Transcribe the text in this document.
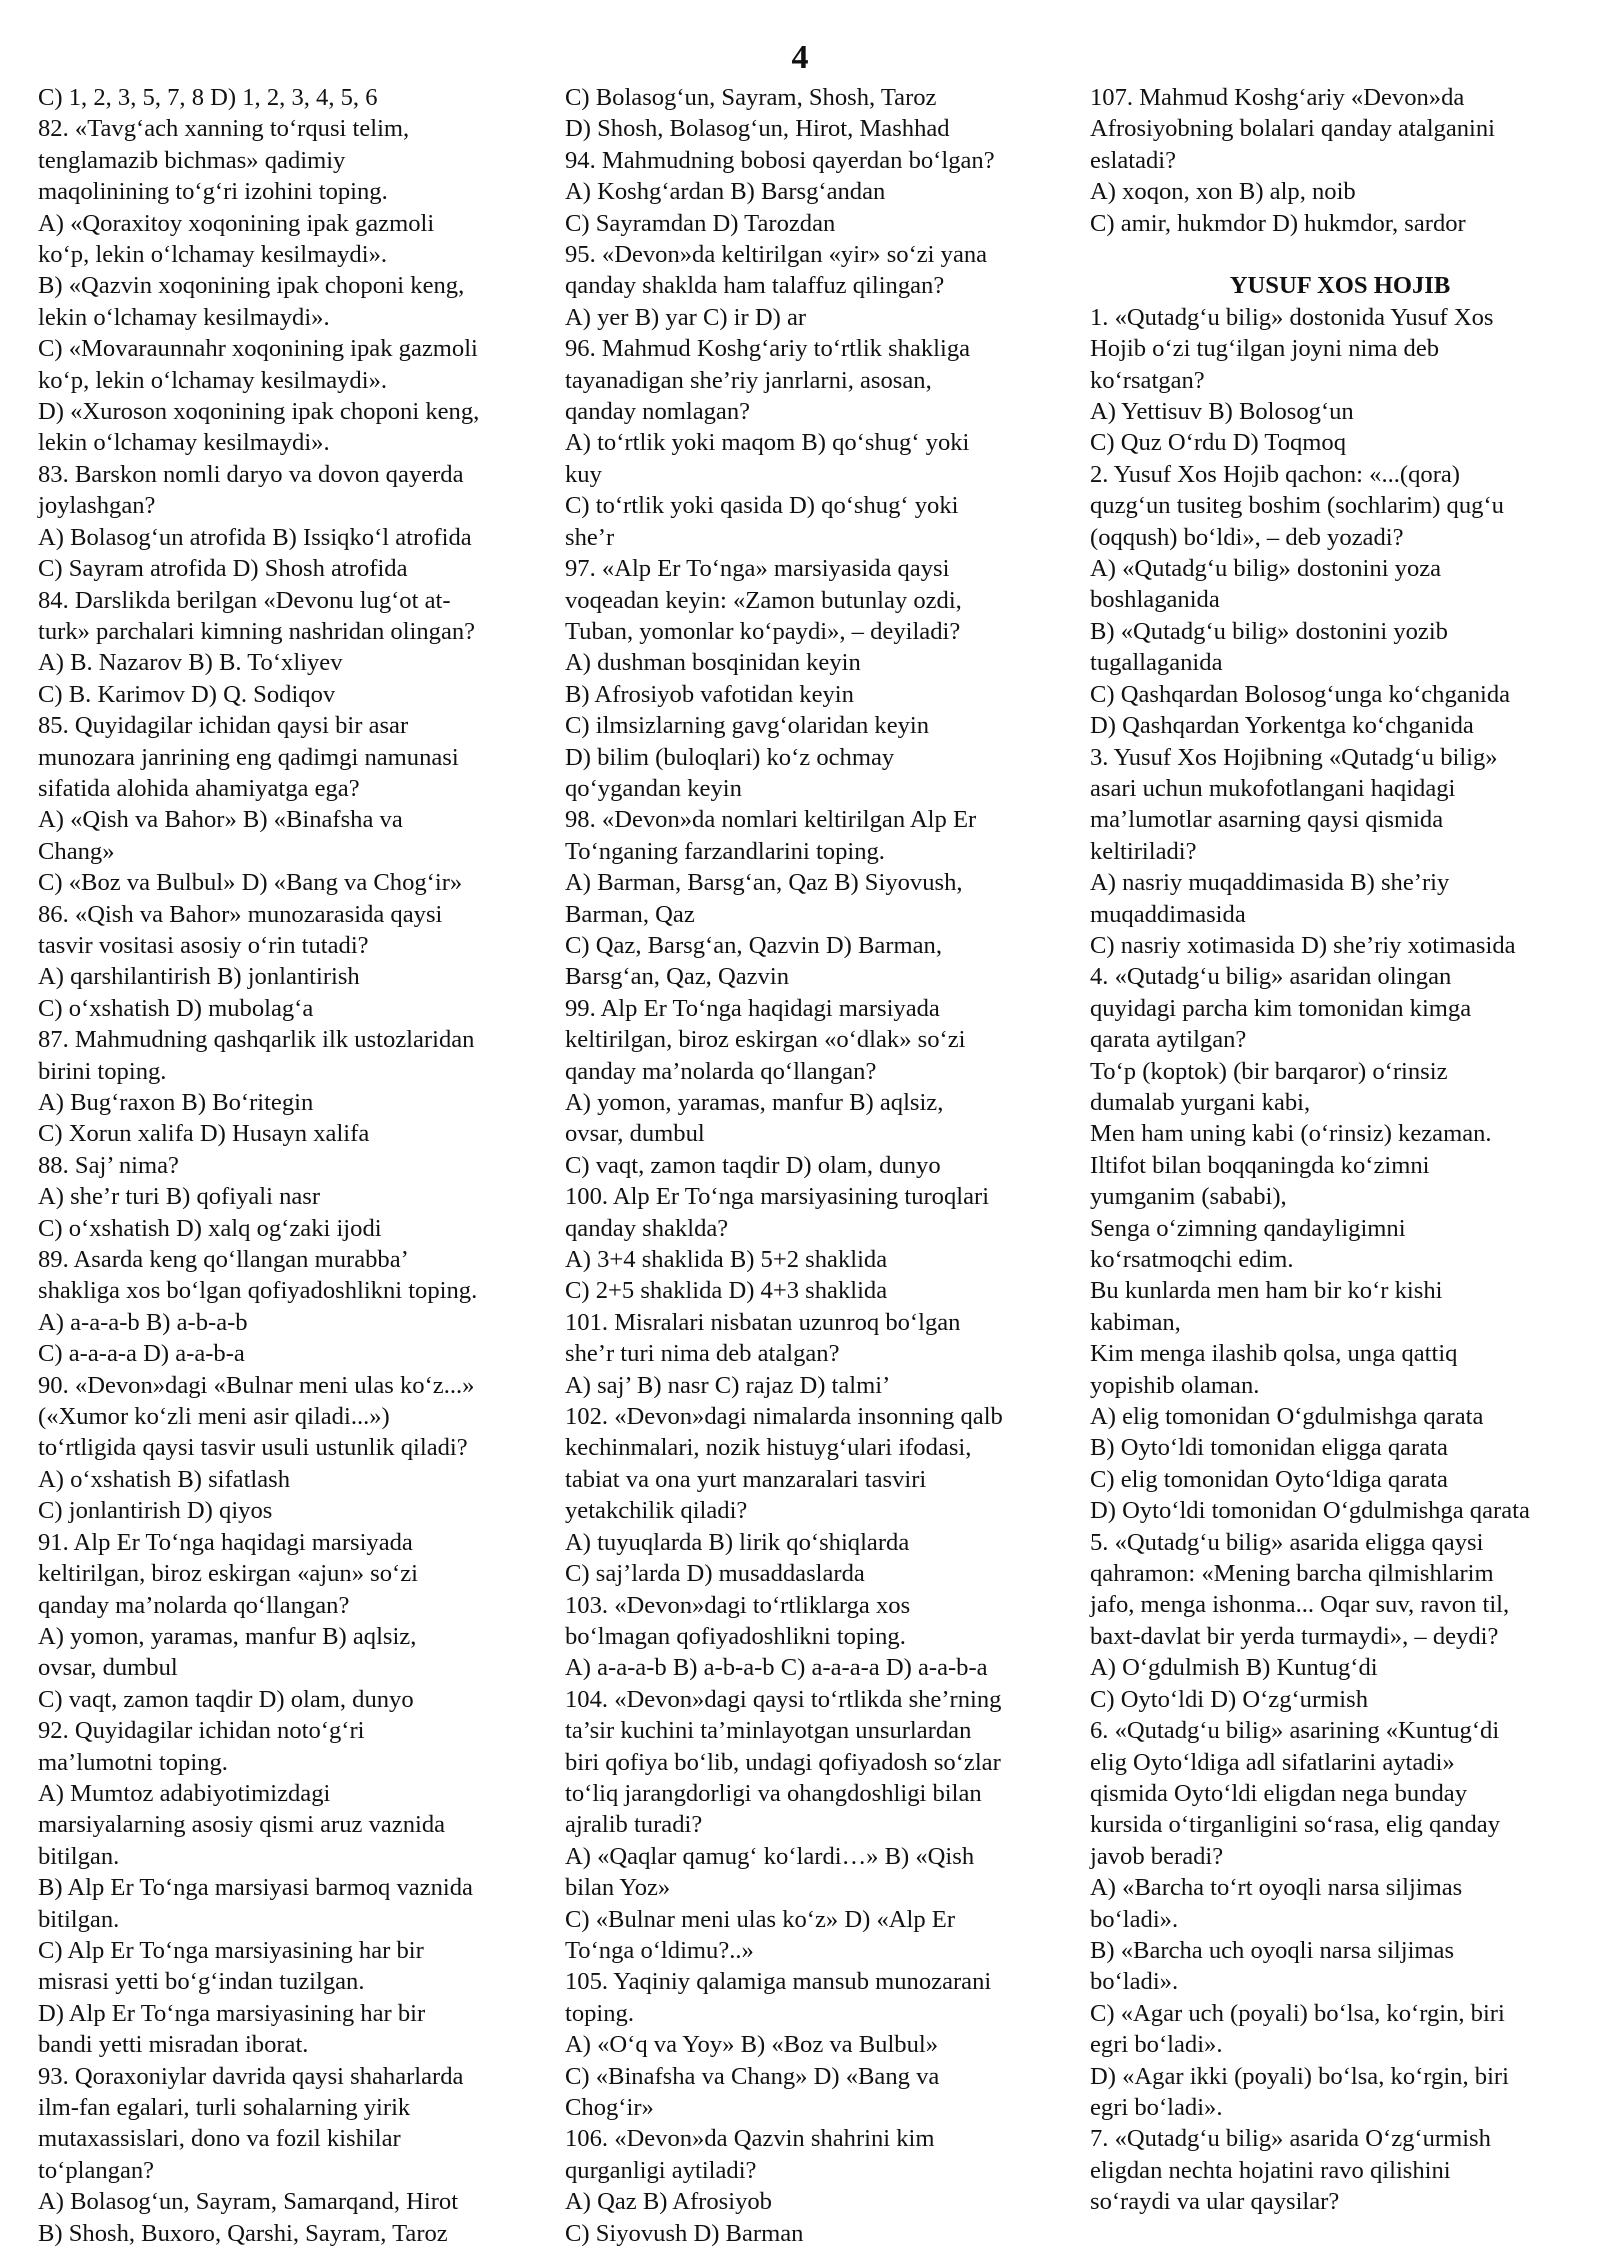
4
C) 1, 2, 3, 5, 7, 8 D) 1, 2, 3, 4, 5, 6
82. «Tavg‘ach xanning to‘rqusi telim,
tenglamazib bichmas» qadimiy
maqolinining to‘g‘ri izohini toping.
A) «Qoraxitoy xoqonining ipak gazmoli
ko‘p, lekin o‘lchamay kesilmaydi».
B) «Qazvin xoqonining ipak choponi keng,
lekin o‘lchamay kesilmaydi».
C) «Movaraunnahr xoqonining ipak gazmoli
ko‘p, lekin o‘lchamay kesilmaydi».
D) «Xuroson xoqonining ipak choponi keng,
lekin o‘lchamay kesilmaydi».
83. Barskon nomli daryo va dovon qayerda
joylashgan?
A) Bolasog‘un atrofida B) Issiqko‘l atrofida
C) Sayram atrofida D) Shosh atrofida
84. Darslikda berilgan «Devonu lug‘ot at-
turk» parchalari kimning nashridan olingan?
A) B. Nazarov B) B. To‘xliyev
C) B. Karimov D) Q. Sodiqov
85. Quyidagilar ichidan qaysi bir asar
munozara janrining eng qadimgi namunasi
sifatida alohida ahamiyatga ega?
A) «Qish va Bahor» B) «Binafsha va
Chang»
C) «Boz va Bulbul» D) «Bang va Chog‘ir»
86. «Qish va Bahor» munozarasida qaysi
tasvir vositasi asosiy o‘rin tutadi?
A) qarshilantirish B) jonlantirish
C) o‘xshatish D) mubolag‘a
87. Mahmudning qashqarlik ilk ustozlaridan
birini toping.
A) Bug‘raxon B) Bo‘ritegin
C) Xorun xalifa D) Husayn xalifa
88. Saj’ nima?
A) she’r turi B) qofiyali nasr
C) o‘xshatish D) xalq og‘zaki ijodi
89. Asarda keng qo‘llangan murabba’
shakliga xos bo‘lgan qofiyadoshlikni toping.
A) a-a-a-b B) a-b-a-b
C) a-a-a-a D) a-a-b-a
90. «Devon»dagi «Bulnar meni ulas ko‘z...»
(«Xumor ko‘zli meni asir qiladi...»)
to‘rtligida qaysi tasvir usuli ustunlik qiladi?
A) o‘xshatish B) sifatlash
C) jonlantirish D) qiyos
91. Alp Er To‘nga haqidagi marsiyada
keltirilgan, biroz eskirgan «ajun» so‘zi
qanday ma’nolarda qo‘llangan?
A) yomon, yaramas, manfur B) aqlsiz,
ovsar, dumbul
C) vaqt, zamon taqdir D) olam, dunyo
92. Quyidagilar ichidan noto‘g‘ri
ma’lumotni toping.
A) Mumtoz adabiyotimizdagi
marsiyalarning asosiy qismi aruz vaznida
bitilgan.
B) Alp Er To‘nga marsiyasi barmoq vaznida
bitilgan.
C) Alp Er To‘nga marsiyasining har bir
misrasi yetti bo‘g‘indan tuzilgan.
D) Alp Er To‘nga marsiyasining har bir
bandi yetti misradan iborat.
93. Qoraxoniylar davrida qaysi shaharlarda
ilm-fan egalari, turli sohalarning yirik
mutaxassislari, dono va fozil kishilar
to‘plangan?
A) Bolasog‘un, Sayram, Samarqand, Hirot
B) Shosh, Buxoro, Qarshi, Sayram, Taroz
C) Bolasog‘un, Sayram, Shosh, Taroz
D) Shosh, Bolasog‘un, Hirot, Mashhad
94. Mahmudning bobosi qayerdan bo‘lgan?
A) Koshg‘ardan B) Barsg‘andan
C) Sayramdan D) Tarozdan
95. «Devon»da keltirilgan «yir» so‘zi yana
qanday shaklda ham talaffuz qilingan?
A) yer B) yar C) ir D) ar
96. Mahmud Koshg‘ariy to‘rtlik shakliga
tayanadigan she’riy janrlarni, asosan,
qanday nomlagan?
A) to‘rtlik yoki maqom B) qo‘shug‘ yoki
kuy
C) to‘rtlik yoki qasida D) qo‘shug‘ yoki
she’r
97. «Alp Er To‘nga» marsiyasida qaysi
voqeadan keyin: «Zamon butunlay ozdi,
Tuban, yomonlar ko‘paydi», – deyiladi?
A) dushman bosqinidan keyin
B) Afrosiyob vafotidan keyin
C) ilmsizlarning gavg‘olaridan keyin
D) bilim (buloqlari) ko‘z ochmay
qo‘ygandan keyin
98. «Devon»da nomlari keltirilgan Alp Er
To‘nganing farzandlarini toping.
A) Barman, Barsg‘an, Qaz B) Siyovush,
Barman, Qaz
C) Qaz, Barsg‘an, Qazvin D) Barman,
Barsg‘an, Qaz, Qazvin
99. Alp Er To‘nga haqidagi marsiyada
keltirilgan, biroz eskirgan «o‘dlak» so‘zi
qanday ma’nolarda qo‘llangan?
A) yomon, yaramas, manfur B) aqlsiz,
ovsar, dumbul
C) vaqt, zamon taqdir D) olam, dunyo
100. Alp Er To‘nga marsiyasining turoqlari
qanday shaklda?
A) 3+4 shaklida B) 5+2 shaklida
C) 2+5 shaklida D) 4+3 shaklida
101. Misralari nisbatan uzunroq bo‘lgan
she’r turi nima deb atalgan?
A) saj’ B) nasr C) rajaz D) talmi’
102. «Devon»dagi nimalarda insonning qalb
kechinmalari, nozik histuyg‘ulari ifodasi,
tabiat va ona yurt manzaralari tasviri
yetakchilik qiladi?
A) tuyuqlarda B) lirik qo‘shiqlarda
C) saj’larda D) musaddaslarda
103. «Devon»dagi to‘rtliklarga xos
bo‘lmagan qofiyadoshlikni toping.
A) a-a-a-b B) a-b-a-b C) a-a-a-a D) a-a-b-a
104. «Devon»dagi qaysi to‘rtlikda she’rning
ta’sir kuchini ta’minlayotgan unsurlardan
biri qofiya bo‘lib, undagi qofiyadosh so‘zlar
to‘liq jarangdorligi va ohangdoshligi bilan
ajralib turadi?
A) «Qaqlar qamug‘ ko‘lardi…» B) «Qish
bilan Yoz»
C) «Bulnar meni ulas ko‘z» D) «Alp Er
To‘nga o‘ldimu?..»
105. Yaqiniy qalamiga mansub munozarani
toping.
A) «O‘q va Yoy» B) «Boz va Bulbul»
C) «Binafsha va Chang» D) «Bang va
Chog‘ir»
106. «Devon»da Qazvin shahrini kim
qurganligi aytiladi?
A) Qaz B) Afrosiyob
C) Siyovush D) Barman
107. Mahmud Koshg‘ariy «Devon»da
Afrosiyobning bolalari qanday atalganini
eslatadi?
A) xoqon, xon B) alp, noib
C) amir, hukmdor D) hukmdor, sardor
YUSUF XOS HOJIB
1. «Qutadg‘u bilig» dostonida Yusuf Xos
Hojib o‘zi tug‘ilgan joyni nima deb
ko‘rsatgan?
A) Yettisuv B) Bolosog‘un
C) Quz O‘rdu D) Toqmoq
2. Yusuf Xos Hojib qachon: «...(qora)
quzg‘un tusiteg boshim (sochlarim) qug‘u
(oqqush) bo‘ldi», – deb yozadi?
A) «Qutadg‘u bilig» dostonini yoza
boshlaganida
B) «Qutadg‘u bilig» dostonini yozib
tugallaganida
C) Qashqardan Bolosog‘unga ko‘chganida
D) Qashqardan Yorkentga ko‘chganida
3. Yusuf Xos Hojibning «Qutadg‘u bilig»
asari uchun mukofotlangani haqidagi
ma’lumotlar asarning qaysi qismida
keltiriladi?
A) nasriy muqaddimasida B) she’riy
muqaddimasida
C) nasriy xotimasida D) she’riy xotimasida
4. «Qutadg‘u bilig» asaridan olingan
quyidagi parcha kim tomonidan kimga
qarata aytilgan?
To‘p (koptok) (bir barqaror) o‘rinsiz
dumalab yurgani kabi,
Men ham uning kabi (o‘rinsiz) kezaman.
Iltifot bilan boqqaningda ko‘zimni
yumganim (sababi),
Senga o‘zimning qandayligimni
ko‘rsatmoqchi edim.
Bu kunlarda men ham bir ko‘r kishi
kabiman,
Kim menga ilashib qolsa, unga qattiq
yopishib olaman.
A) elig tomonidan O‘gdulmishga qarata
B) Oyto‘ldi tomonidan eligga qarata
C) elig tomonidan Oyto‘ldiga qarata
D) Oyto‘ldi tomonidan O‘gdulmishga qarata
5. «Qutadg‘u bilig» asarida eligga qaysi
qahramon: «Mening barcha qilmishlarim
jafo, menga ishonma... Oqar suv, ravon til,
baxt-davlat bir yerda turmaydi», – deydi?
A) O‘gdulmish B) Kuntug‘di
C) Oyto‘ldi D) O‘zg‘urmish
6. «Qutadg‘u bilig» asarining «Kuntug‘di
elig Oyto‘ldiga adl sifatlarini aytadi»
qismida Oyto‘ldi eligdan nega bunday
kursida o‘tirganligini so‘rasa, elig qanday
javob beradi?
A) «Barcha to‘rt oyoqli narsa siljimas
bo‘ladi».
B) «Barcha uch oyoqli narsa siljimas
bo‘ladi».
C) «Agar uch (poyali) bo‘lsa, ko‘rgin, biri
egri bo‘ladi».
D) «Agar ikki (poyali) bo‘lsa, ko‘rgin, biri
egri bo‘ladi».
7. «Qutadg‘u bilig» asarida O‘zg‘urmish
eligdan nechta hojatini ravo qilishini
so‘raydi va ular qaysilar?
